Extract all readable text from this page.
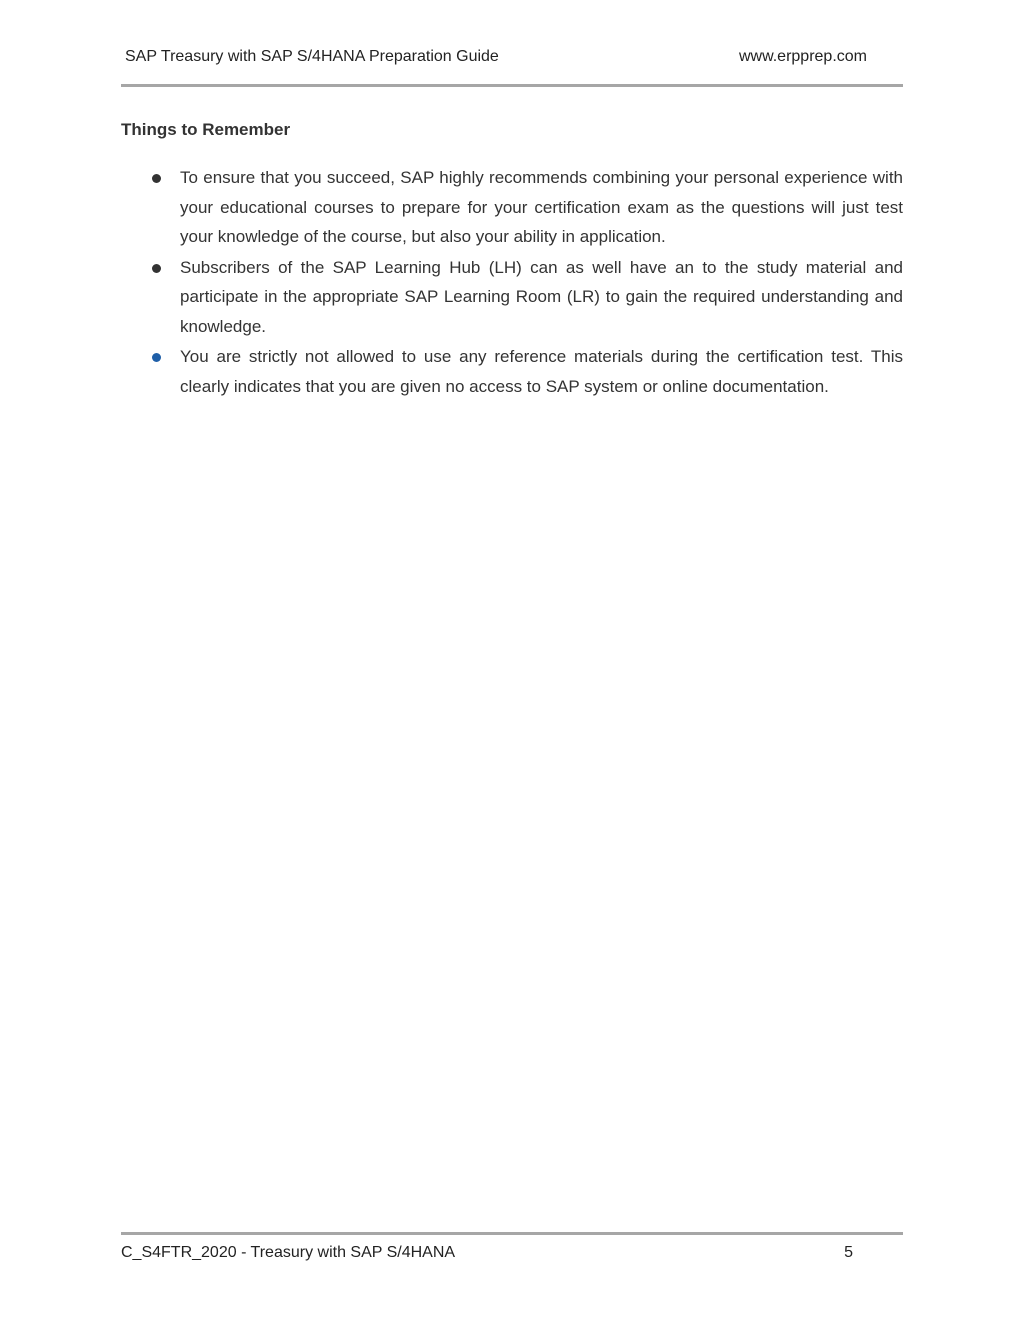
SAP Treasury with SAP S/4HANA Preparation Guide	www.erpprep.com
Things to Remember
To ensure that you succeed, SAP highly recommends combining your personal experience with your educational courses to prepare for your certification exam as the questions will just test your knowledge of the course, but also your ability in application.
Subscribers of the SAP Learning Hub (LH) can as well have an to the study material and participate in the appropriate SAP Learning Room (LR) to gain the required understanding and knowledge.
You are strictly not allowed to use any reference materials during the certification test. This clearly indicates that you are given no access to SAP system or online documentation.
C_S4FTR_2020 - Treasury with SAP S/4HANA	5
